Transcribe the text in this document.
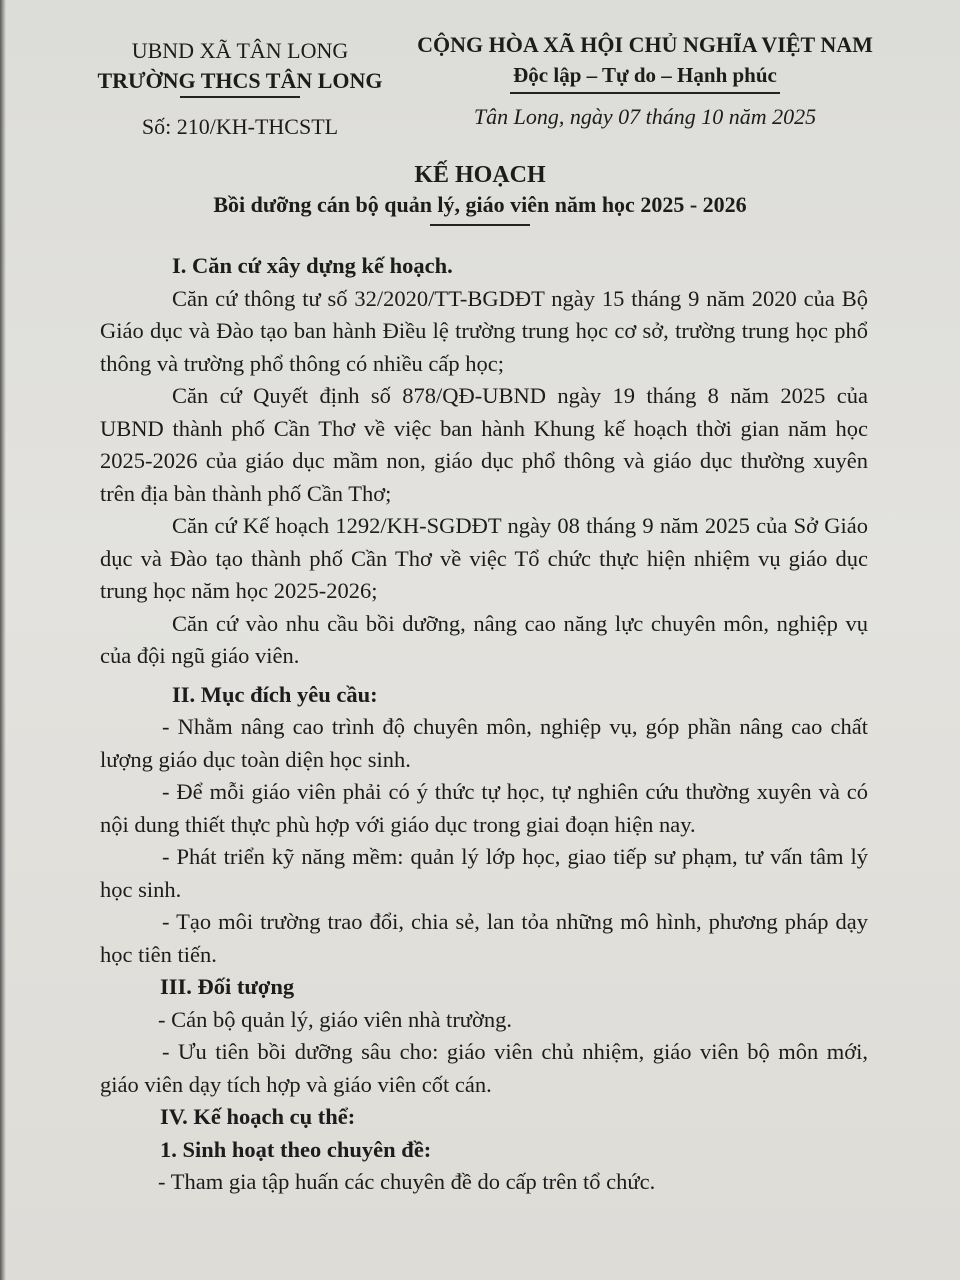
UBND XÃ TÂN LONG
TRƯỜNG THCS TÂN LONG
Số: 210/KH-THCSTL
CỘNG HÒA XÃ HỘI CHỦ NGHĨA VIỆT NAM
Độc lập – Tự do – Hạnh phúc
Tân Long, ngày 07 tháng 10 năm 2025
KẾ HOẠCH
Bồi dưỡng cán bộ quản lý, giáo viên năm học 2025 - 2026

I. Căn cứ xây dựng kế hoạch.

Căn cứ thông tư số 32/2020/TT-BGDĐT ngày 15 tháng 9 năm 2020 của Bộ Giáo dục và Đào tạo ban hành Điều lệ trường trung học cơ sở, trường trung học phổ thông và trường phổ thông có nhiều cấp học;

Căn cứ Quyết định số 878/QĐ-UBND ngày 19 tháng 8 năm 2025 của UBND thành phố Cần Thơ về việc ban hành Khung kế hoạch thời gian năm học 2025-2026 của giáo dục mầm non, giáo dục phổ thông và giáo dục thường xuyên trên địa bàn thành phố Cần Thơ;

Căn cứ Kế hoạch 1292/KH-SGDĐT ngày 08 tháng 9 năm 2025 của Sở Giáo dục và Đào tạo thành phố Cần Thơ về việc Tổ chức thực hiện nhiệm vụ giáo dục trung học năm học 2025-2026;

Căn cứ vào nhu cầu bồi dưỡng, nâng cao năng lực chuyên môn, nghiệp vụ của đội ngũ giáo viên.

II. Mục đích yêu cầu:

- Nhằm nâng cao trình độ chuyên môn, nghiệp vụ, góp phần nâng cao chất lượng giáo dục toàn diện học sinh.

- Để mỗi giáo viên phải có ý thức tự học, tự nghiên cứu thường xuyên và có nội dung thiết thực phù hợp với giáo dục trong giai đoạn hiện nay.

- Phát triển kỹ năng mềm: quản lý lớp học, giao tiếp sư phạm, tư vấn tâm lý học sinh.

- Tạo môi trường trao đổi, chia sẻ, lan tỏa những mô hình, phương pháp dạy học tiên tiến.

III. Đối tượng

- Cán bộ quản lý, giáo viên nhà trường.

- Ưu tiên bồi dưỡng sâu cho: giáo viên chủ nhiệm, giáo viên bộ môn mới, giáo viên dạy tích hợp và giáo viên cốt cán.

IV. Kế hoạch cụ thể:

1. Sinh hoạt theo chuyên đề:

- Tham gia tập huấn các chuyên đề do cấp trên tổ chức.
